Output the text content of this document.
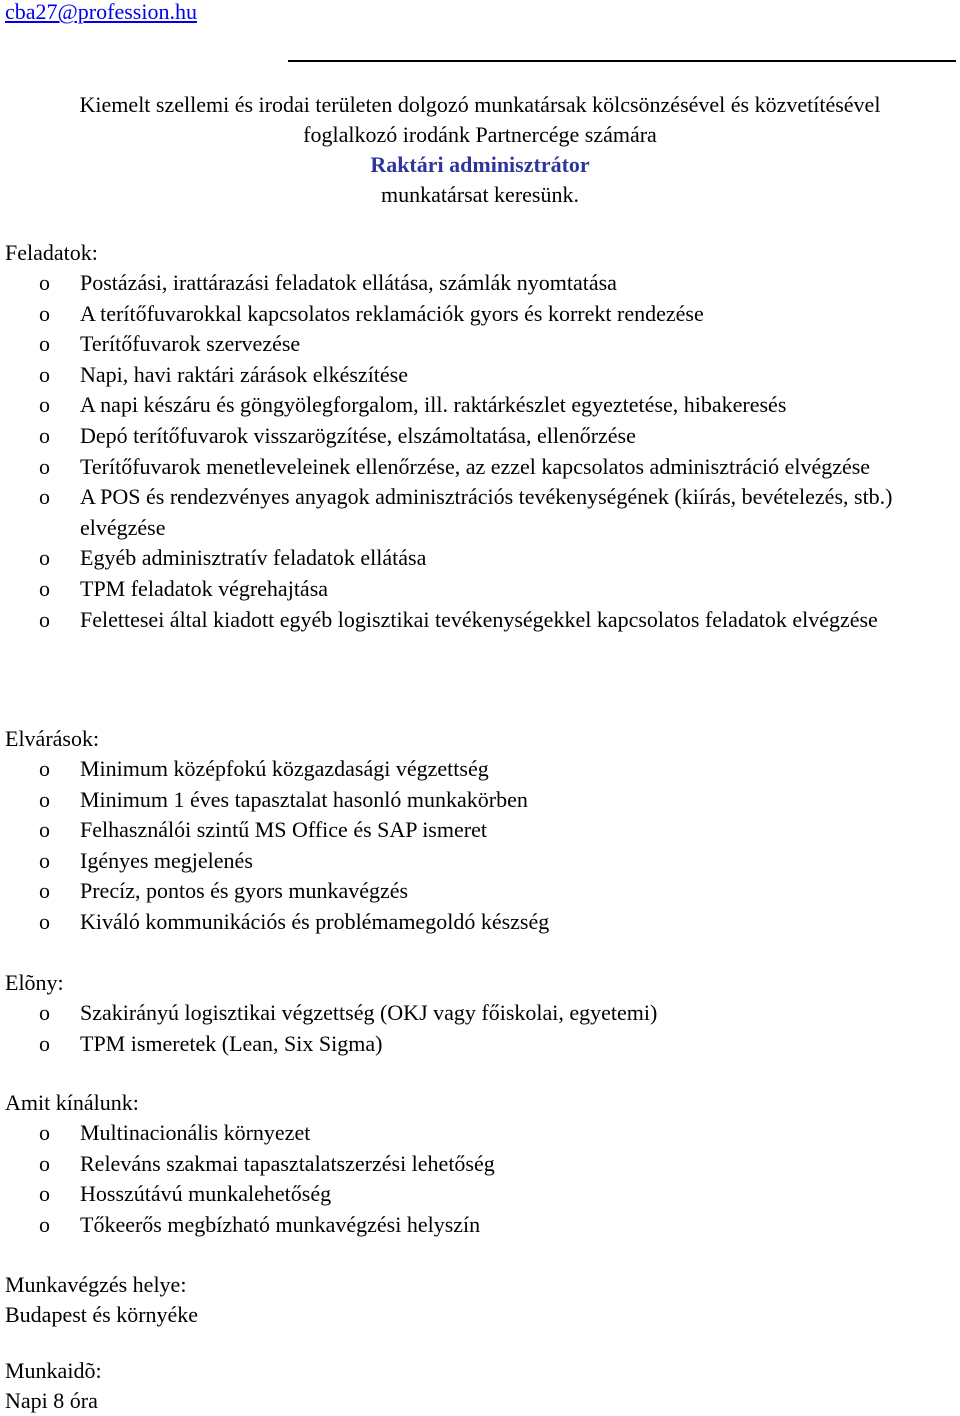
cba27@profession.hu
Kiemelt szellemi és irodai területen dolgozó munkatársak kölcsönzésével és közvetítésével
foglalkozó irodánk Partnercége számára
Raktári adminisztrátor
munkatársat keresünk.
Feladatok:
o Postázási, irattárazási feladatok ellátása, számlák nyomtatása
o A terítőfuvarokkal kapcsolatos reklamációk gyors és korrekt rendezése
o Terítőfuvarok szervezése
o Napi, havi raktári zárások elkészítése
o A napi készáru és göngyölegforgalom, ill. raktárkészlet egyeztetése, hibakeresés
o Depó terítőfuvarok visszarögzítése, elszámoltatása, ellenőrzése
o Terítőfuvarok menetleveleinek ellenőrzése, az ezzel kapcsolatos adminisztráció elvégzése
o A POS és rendezvényes anyagok adminisztrációs tevékenységének (kiírás, bevételezés, stb.) elvégzése
o Egyéb adminisztratív feladatok ellátása
o TPM feladatok végrehajtása
o Felettesei által kiadott egyéb logisztikai tevékenységekkel kapcsolatos feladatok elvégzése
Elvárások:
o Minimum középfokú közgazdasági végzettség
o Minimum 1 éves tapasztalat hasonló munkakörben
o Felhasználói szintű MS Office és SAP ismeret
o Igényes megjelenés
o Precíz, pontos és gyors munkavégzés
o Kiváló kommunikációs és problémamegoldó készség
Elõny:
o Szakirányú logisztikai végzettség (OKJ vagy főiskolai, egyetemi)
o TPM ismeretek (Lean, Six Sigma)
Amit kínálunk:
o Multinacionális környezet
o Releváns szakmai tapasztalatszerzési lehetőség
o Hosszútávú munkalehetőség
o Tőkeerős megbízható munkavégzési helyszín
Munkavégzés helye:
Budapest és környéke
Munkaidõ:
Napi 8 óra
